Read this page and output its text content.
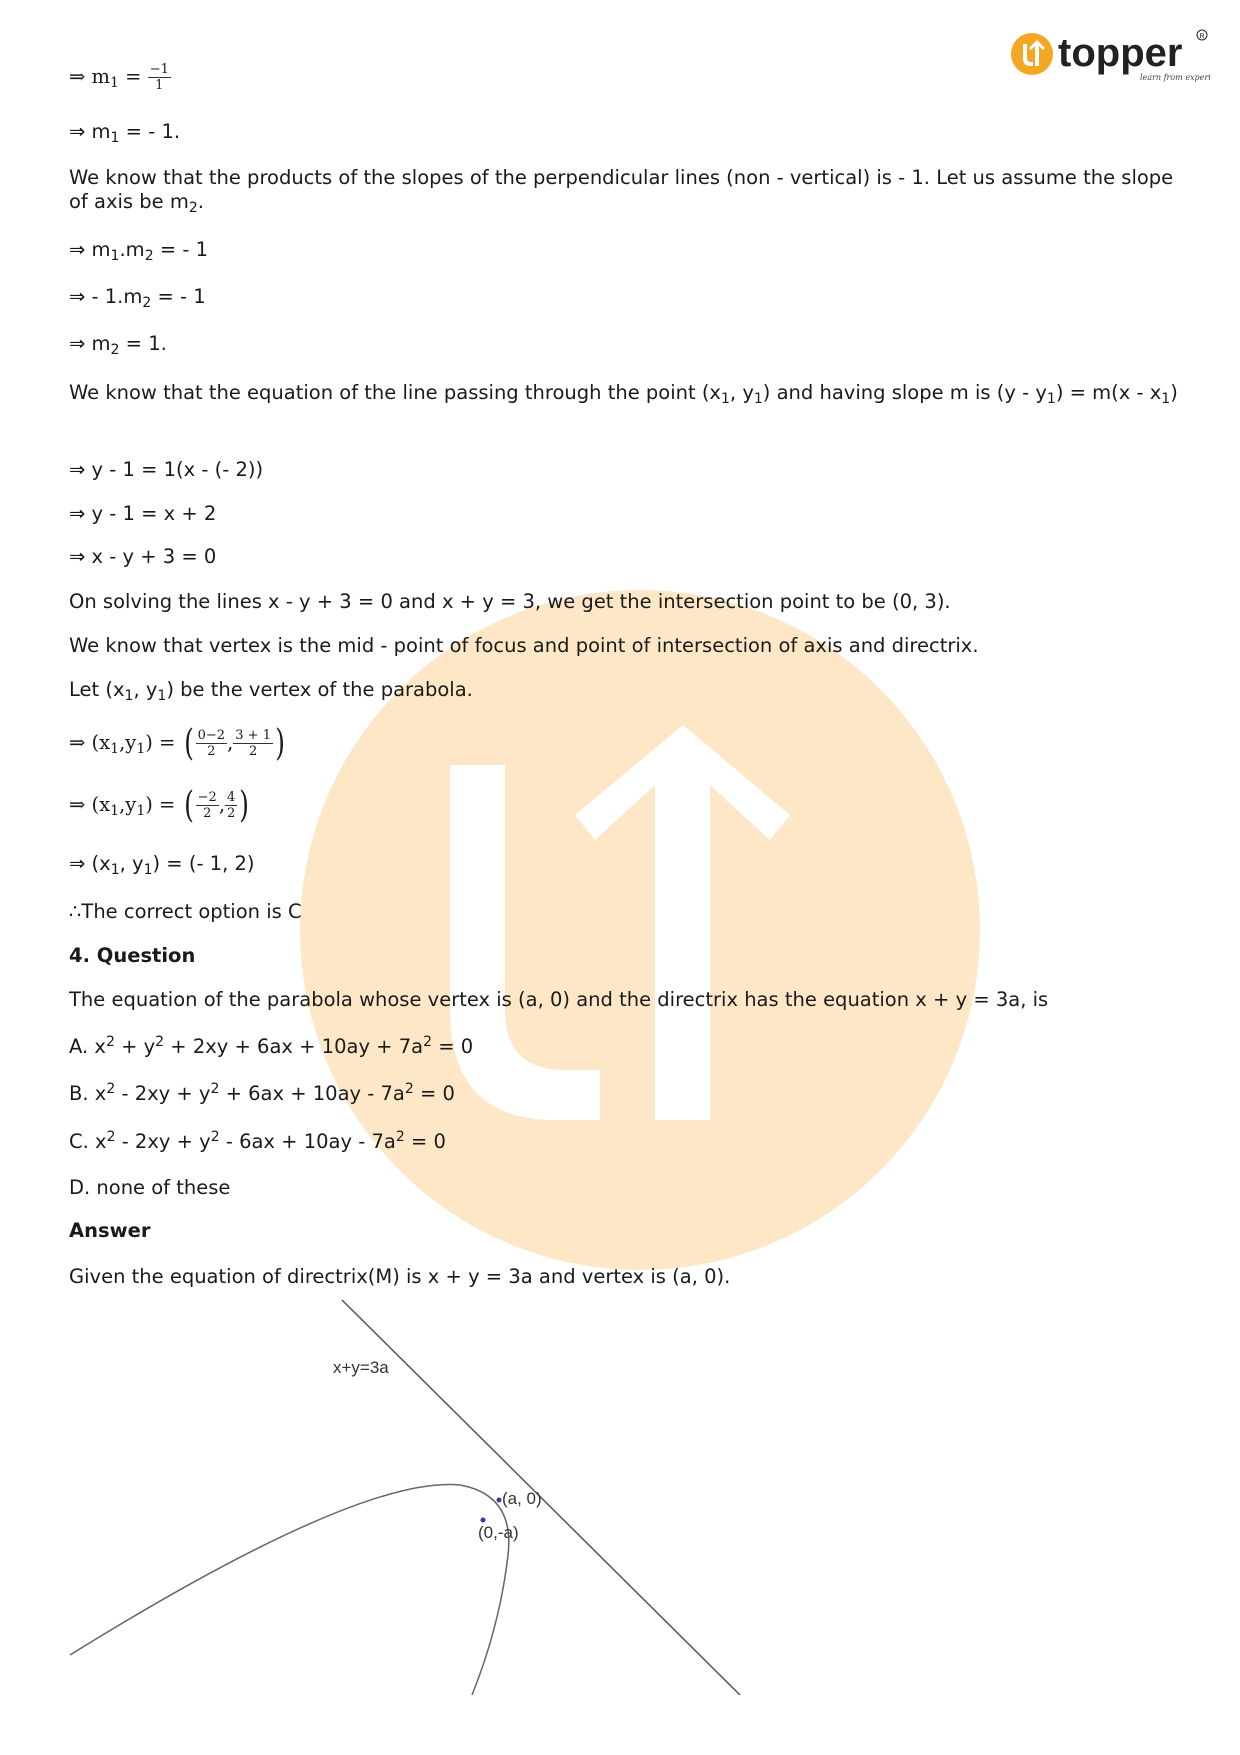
topper
learn from experts
R
⇒ $m_1 = \frac{-1}{1}$
⇒ $m_1$ = - 1.
We know that the products of the slopes of the perpendicular lines (non - vertical) is - 1. Let us assume the slope of axis be $m_2$.
⇒ $m_1.m_2$ = - 1
⇒ - $1.m_2$ = - 1
⇒ $m_2 = 1$.
We know that the equation of the line passing through the point ($x_1$, $y_1$) and having slope m is $(y - y_1) = m(x - x_1)$
⇒ y - 1 = 1(x - (- 2))
⇒ y - 1 = x + 2
⇒ x - y + 3 = 0
On solving the lines x - y + 3 = 0 and x + y = 3, we get the intersection point to be (0, 3).
We know that vertex is the mid - point of focus and point of intersection of axis and directrix.
Let ($x_1$, $y_1$) be the vertex of the parabola.
⇒ $(x_1,y_1)$ = ( $\frac{0-2}{2}$ , $\frac{3 + 1}{2}$ )
⇒ $(x_1,y_1)$ = ( $\frac{-2}{2}$ , $\frac{4}{2}$ )
⇒ ($x_1$, $y_1$) = (- 1, 2)
∴The correct option is C
4. Question
The equation of the parabola whose vertex is (a, 0) and the directrix has the equation x + y = 3a, is
A. $x^2 + y^2 + 2xy + 6ax + 10ay + 7a^2 = 0$
B. $x^2 - 2xy + y^2 + 6ax + 10ay - 7a^2 = 0$
C. $x^2 - 2xy + y^2 - 6ax + 10ay - 7a^2 = 0$
D. none of these
Answer
Given the equation of directrix(M) is x + y = 3a and vertex is (a, 0).
x+y=3a
(a, 0)
(0,-a)
